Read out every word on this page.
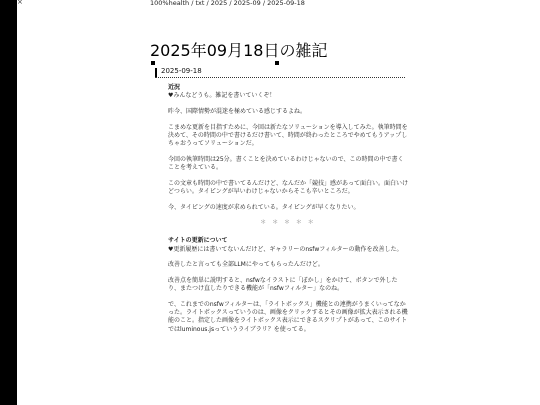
×	100%health / txt / 2025 / 2025-09 / 2025-09-18
2025年09月18日の雑記
2025-09-18

近況

♥みんなどうも。雑記を書いていくぞ！

昨今、国際情勢が混迷を極めている感じするよね。

こまめな更新を目指すために、今回は新たなソリューションを導入してみた。執筆時間を決めて、その時間の中で書けるだけ書いて、時間が終わったところでやめてもうアップしちゃおうってソリューションだ。

今回の執筆時間は25分。書くことを決めているわけじゃないので、この時間の中で書くことを考えている。

この文章も時間の中で書いてるんだけど、なんだか「競技」感があって面白い。面白いけどつらい。タイピングが早いわけじゃないからそこも辛いところだ。

今、タイピングの速度が求められている。タイピングが早くなりたい。

＊ ＊ ＊ ＊ ＊

サイトの更新について

♥更新履歴には書いてないんだけど、ギャラリーのnsfwフィルターの動作を改善した。

改善したと言っても全部LLMにやってもらったんだけど。

改善点を簡単に説明すると、nsfwなイラストに「ぼかし」をかけて、ボタンで外したり、またつけ直したりできる機能が「nsfwフィルター」なのね。

で、これまでのnsfwフィルターは、「ライトボックス」機能との連携がうまくいってなかった。ライトボックスっていうのは、画像をクリックするとその画像が拡大表示される機能のこと。指定した画像をライトボックス表示にできるスクリプトがあって、このサイトではluminous.jsっていうライブラリ？を使ってる。
